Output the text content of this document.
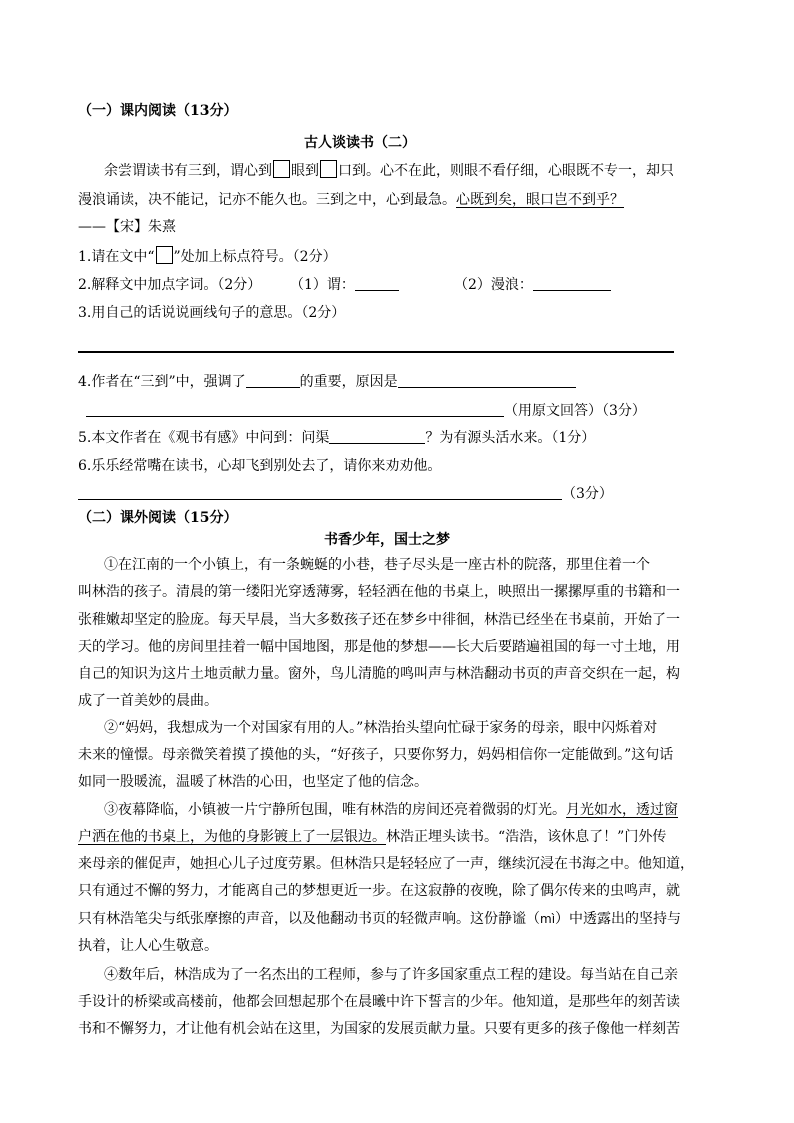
（一）课内阅读（13分）
古人谈读书（二）
余尝谓读书有三到，谓心到 眼到 口到。心不在此，则眼不看仔细，心眼既不专一，却只
漫浪诵读，决不能记，记亦不能久也。三到之中，心到最急。心既到矣，眼口岂不到乎？
——【宋】朱熹
1.请在文中“ ”处加上标点符号。（2分）
2.解释文中加点字词。（2分） （1）谓：	（2）漫浪：
3.用自己的话说说画线句子的意思。（2分）
4.作者在“三到”中，强调了	的重要，原因是
（用原文回答）（3分）
5.本文作者在《观书有感》中问到：问渠	？为有源头活水来。（1分）
6.乐乐经常嘴在读书，心却飞到别处去了，请你来劝劝他。
（3分）
（二）课外阅读（15分）
书香少年，国士之梦
①在江南的一个小镇上，有一条蜿蜒的小巷，巷子尽头是一座古朴的院落，那里住着一个
叫林浩的孩子。清晨的第一缕阳光穿透薄雾，轻轻洒在他的书桌上，映照出一摞摞厚重的书籍和一
张稚嫩却坚定的脸庞。每天早晨，当大多数孩子还在梦乡中徘徊，林浩已经坐在书桌前，开始了一
天的学习。他的房间里挂着一幅中国地图，那是他的梦想——长大后要踏遍祖国的每一寸土地，用
自己的知识为这片土地贡献力量。窗外，鸟儿清脆的鸣叫声与林浩翻动书页的声音交织在一起，构
成了一首美妙的晨曲。
②“妈妈，我想成为一个对国家有用的人。”林浩抬头望向忙碌于家务的母亲，眼中闪烁着对
未来的憧憬。母亲微笑着摸了摸他的头，“好孩子，只要你努力，妈妈相信你一定能做到。”这句话
如同一股暖流，温暖了林浩的心田，也坚定了他的信念。
③夜幕降临，小镇被一片宁静所包围，唯有林浩的房间还亮着微弱的灯光。月光如水，透过窗
户洒在他的书桌上，为他的身影镀上了一层银边。林浩正埋头读书。“浩浩，该休息了！”门外传
来母亲的催促声，她担心儿子过度劳累。但林浩只是轻轻应了一声，继续沉浸在书海之中。他知道，
只有通过不懈的努力，才能离自己的梦想更近一步。在这寂静的夜晚，除了偶尔传来的虫鸣声，就
只有林浩笔尖与纸张摩擦的声音，以及他翻动书页的轻微声响。这份静谧（mì）中透露出的坚持与
执着，让人心生敬意。
④数年后，林浩成为了一名杰出的工程师，参与了许多国家重点工程的建设。每当站在自己亲
手设计的桥梁或高楼前，他都会回想起那个在晨曦中许下誓言的少年。他知道，是那些年的刻苦读
书和不懈努力，才让他有机会站在这里，为国家的发展贡献力量。只要有更多的孩子像他一样刻苦
